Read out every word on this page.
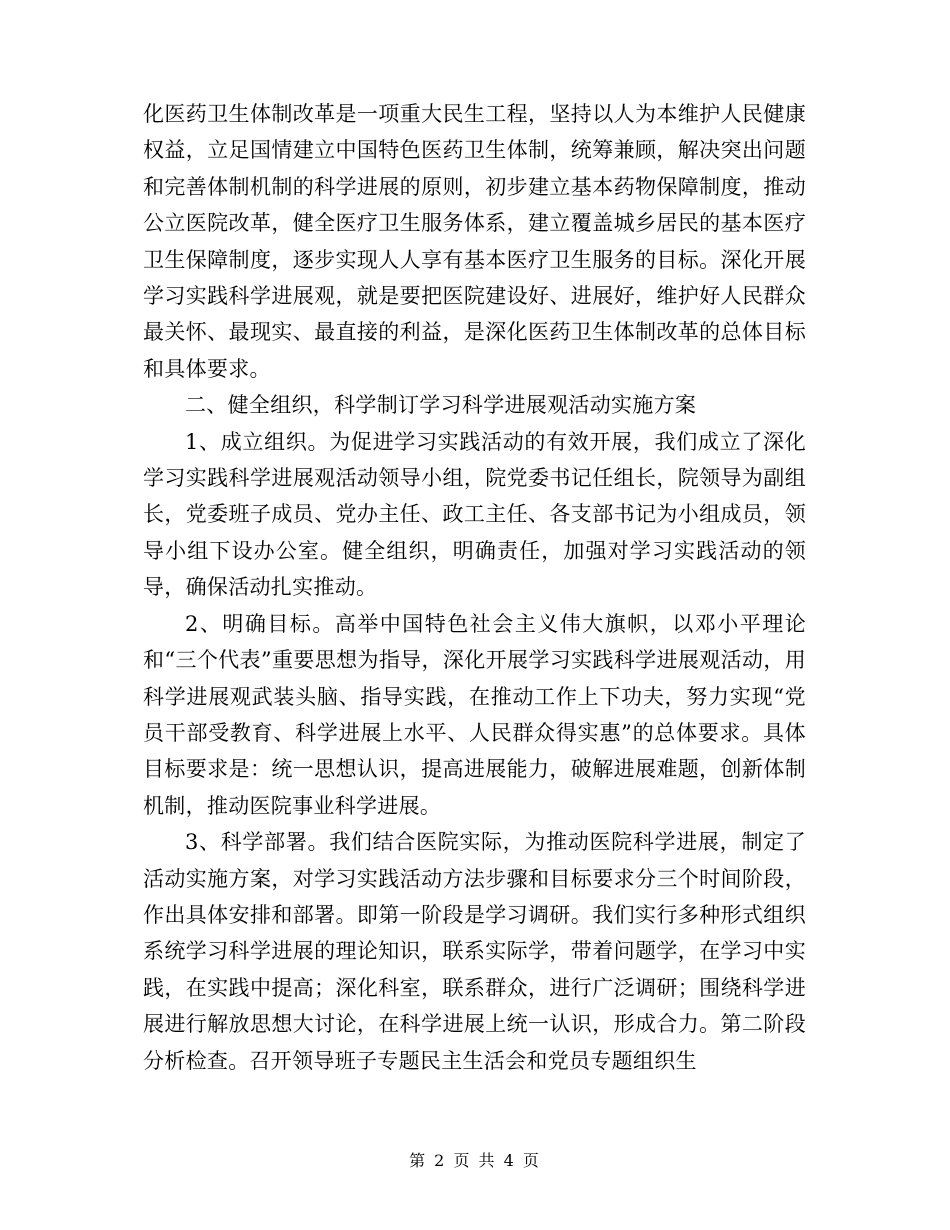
化医药卫生体制改革是一项重大民生工程，坚持以人为本维护人民健康权益，立足国情建立中国特色医药卫生体制，统筹兼顾，解决突出问题和完善体制机制的科学进展的原则，初步建立基本药物保障制度，推动公立医院改革，健全医疗卫生服务体系，建立覆盖城乡居民的基本医疗卫生保障制度，逐步实现人人享有基本医疗卫生服务的目标。深化开展学习实践科学进展观，就是要把医院建设好、进展好，维护好人民群众最关怀、最现实、最直接的利益，是深化医药卫生体制改革的总体目标和具体要求。

二、健全组织，科学制订学习科学进展观活动实施方案

1、成立组织。为促进学习实践活动的有效开展，我们成立了深化学习实践科学进展观活动领导小组，院党委书记任组长，院领导为副组长，党委班子成员、党办主任、政工主任、各支部书记为小组成员，领导小组下设办公室。健全组织，明确责任，加强对学习实践活动的领导，确保活动扎实推动。

2、明确目标。高举中国特色社会主义伟大旗帜，以邓小平理论和“三个代表”重要思想为指导，深化开展学习实践科学进展观活动，用科学进展观武装头脑、指导实践，在推动工作上下功夫，努力实现“党员干部受教育、科学进展上水平、人民群众得实惠”的总体要求。具体目标要求是：统一思想认识，提高进展能力，破解进展难题，创新体制机制，推动医院事业科学进展。

3、科学部署。我们结合医院实际，为推动医院科学进展，制定了活动实施方案，对学习实践活动方法步骤和目标要求分三个时间阶段，作出具体安排和部署。即第一阶段是学习调研。我们实行多种形式组织系统学习科学进展的理论知识，联系实际学，带着问题学，在学习中实践，在实践中提高；深化科室，联系群众，进行广泛调研；围绕科学进展进行解放思想大讨论，在科学进展上统一认识，形成合力。第二阶段分析检查。召开领导班子专题民主生活会和党员专题组织生

第 2 页 共 4 页
